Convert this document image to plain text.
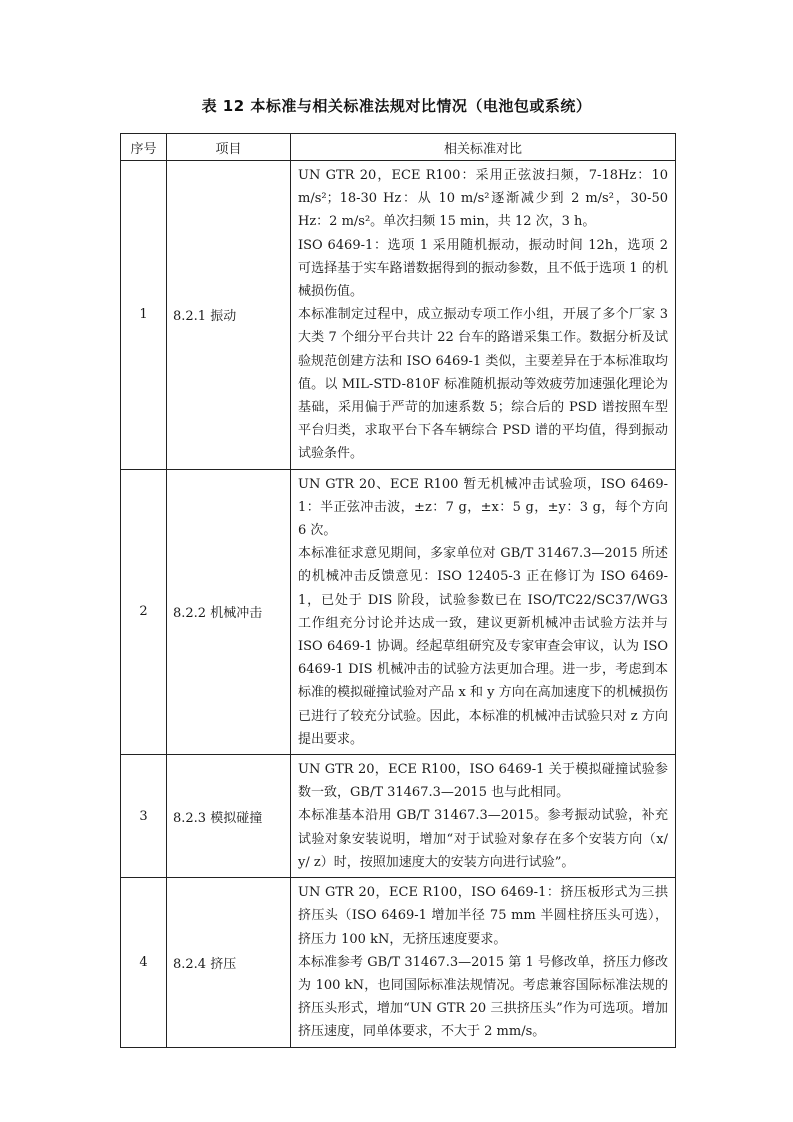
表 12 本标准与相关标准法规对比情况（电池包或系统）
序号	项目	相关标准对比
1	8.2.1 振动	UN GTR 20，ECE R100：采用正弦波扫频，7-18Hz：10 m/s²；18-30 Hz：从 10 m/s²逐渐减少到 2 m/s²，30-50 Hz：2 m/s²。单次扫频 15 min，共 12 次，3 h。

ISO 6469-1：选项 1 采用随机振动，振动时间 12h，选项 2 可选择基于实车路谱数据得到的振动参数，且不低于选项 1 的机械损伤值。

本标准制定过程中，成立振动专项工作小组，开展了多个厂家 3 大类 7 个细分平台共计 22 台车的路谱采集工作。数据分析及试验规范创建方法和 ISO 6469-1 类似，主要差异在于本标准取均值。以 MIL-STD-810F 标准随机振动等效疲劳加速强化理论为基础，采用偏于严苛的加速系数 5；综合后的 PSD 谱按照车型平台归类，求取平台下各车辆综合 PSD 谱的平均值，得到振动试验条件。

2	8.2.2 机械冲击	UN GTR 20、ECE R100 暂无机械冲击试验项，ISO 6469-1：半正弦冲击波，±z：7 g，±x：5 g，±y：3 g，每个方向 6 次。

本标准征求意见期间，多家单位对 GB/T 31467.3—2015 所述的机械冲击反馈意见：ISO 12405-3 正在修订为 ISO 6469-1，已处于 DIS 阶段，试验参数已在 ISO/TC22/SC37/WG3 工作组充分讨论并达成一致，建议更新机械冲击试验方法并与 ISO 6469-1 协调。经起草组研究及专家审查会审议，认为 ISO 6469-1 DIS 机械冲击的试验方法更加合理。进一步，考虑到本标准的模拟碰撞试验对产品 x 和 y 方向在高加速度下的机械损伤已进行了较充分试验。因此，本标准的机械冲击试验只对 z 方向提出要求。

3	8.2.3 模拟碰撞	UN GTR 20，ECE R100，ISO 6469-1 关于模拟碰撞试验参数一致，GB/T 31467.3—2015 也与此相同。

本标准基本沿用 GB/T 31467.3—2015。参考振动试验，补充试验对象安装说明，增加“对于试验对象存在多个安装方向（x/ y/ z）时，按照加速度大的安装方向进行试验”。

4	8.2.4 挤压	UN GTR 20，ECE R100，ISO 6469-1：挤压板形式为三拱挤压头（ISO 6469-1 增加半径 75 mm 半圆柱挤压头可选），挤压力 100 kN，无挤压速度要求。

本标准参考 GB/T 31467.3—2015 第 1 号修改单，挤压力修改为 100 kN，也同国际标准法规情况。考虑兼容国际标准法规的挤压头形式，增加“UN GTR 20 三拱挤压头”作为可选项。增加挤压速度，同单体要求，不大于 2 mm/s。
